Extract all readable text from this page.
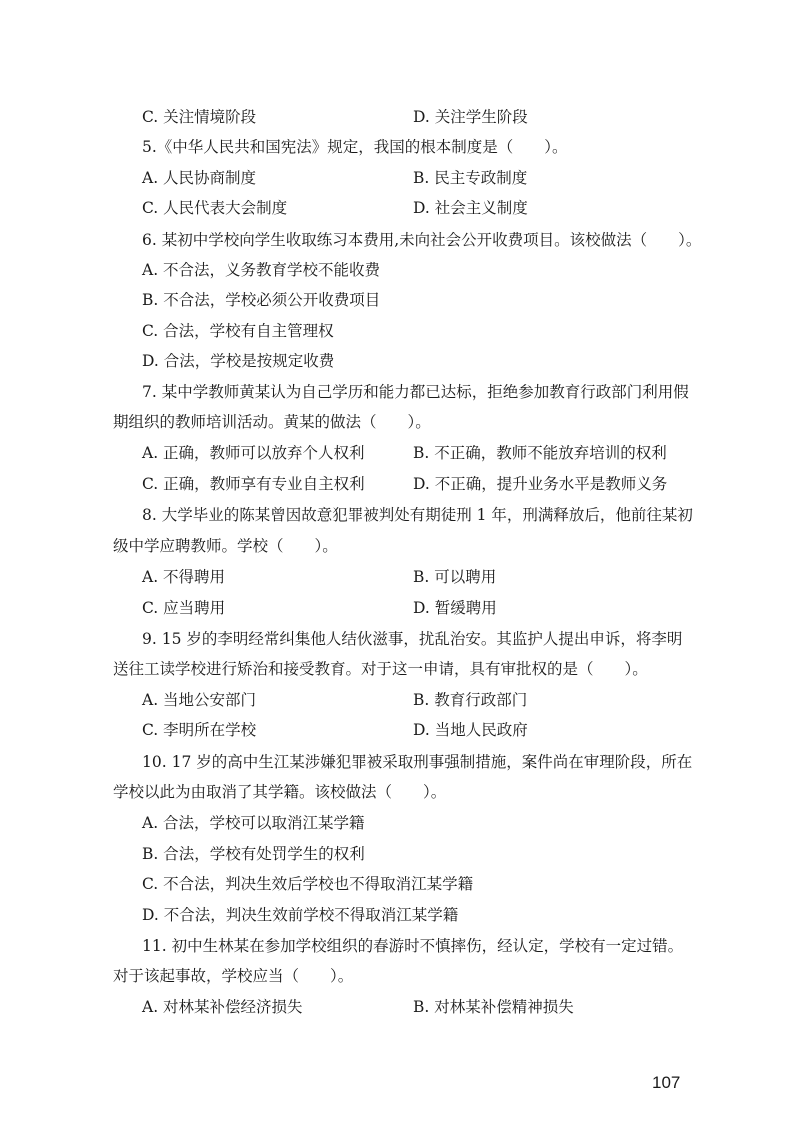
C. 关注情境阶段	D. 关注学生阶段
5.《中华人民共和国宪法》规定，我国的根本制度是（　　）。
A. 人民协商制度	B. 民主专政制度
C. 人民代表大会制度	D. 社会主义制度
6. 某初中学校向学生收取练习本费用,未向社会公开收费项目。该校做法（　　）。
A. 不合法，义务教育学校不能收费
B. 不合法，学校必须公开收费项目
C. 合法，学校有自主管理权
D. 合法，学校是按规定收费
7. 某中学教师黄某认为自己学历和能力都已达标，拒绝参加教育行政部门利用假
期组织的教师培训活动。黄某的做法（　　）。
A. 正确，教师可以放弃个人权利	B. 不正确，教师不能放弃培训的权利
C. 正确，教师享有专业自主权利	D. 不正确，提升业务水平是教师义务
8. 大学毕业的陈某曾因故意犯罪被判处有期徒刑 1 年，刑满释放后，他前往某初
级中学应聘教师。学校（　　）。
A. 不得聘用	B. 可以聘用
C. 应当聘用	D. 暂缓聘用
9. 15 岁的李明经常纠集他人结伙滋事，扰乱治安。其监护人提出申诉，将李明
送往工读学校进行矫治和接受教育。对于这一申请，具有审批权的是（　　）。
A. 当地公安部门	B. 教育行政部门
C. 李明所在学校	D. 当地人民政府
10. 17 岁的高中生江某涉嫌犯罪被采取刑事强制措施，案件尚在审理阶段，所在
学校以此为由取消了其学籍。该校做法（　　）。
A. 合法，学校可以取消江某学籍
B. 合法，学校有处罚学生的权利
C. 不合法，判决生效后学校也不得取消江某学籍
D. 不合法，判决生效前学校不得取消江某学籍
11. 初中生林某在参加学校组织的春游时不慎摔伤，经认定，学校有一定过错。
对于该起事故，学校应当（　　）。
A. 对林某补偿经济损失	B. 对林某补偿精神损失
107
